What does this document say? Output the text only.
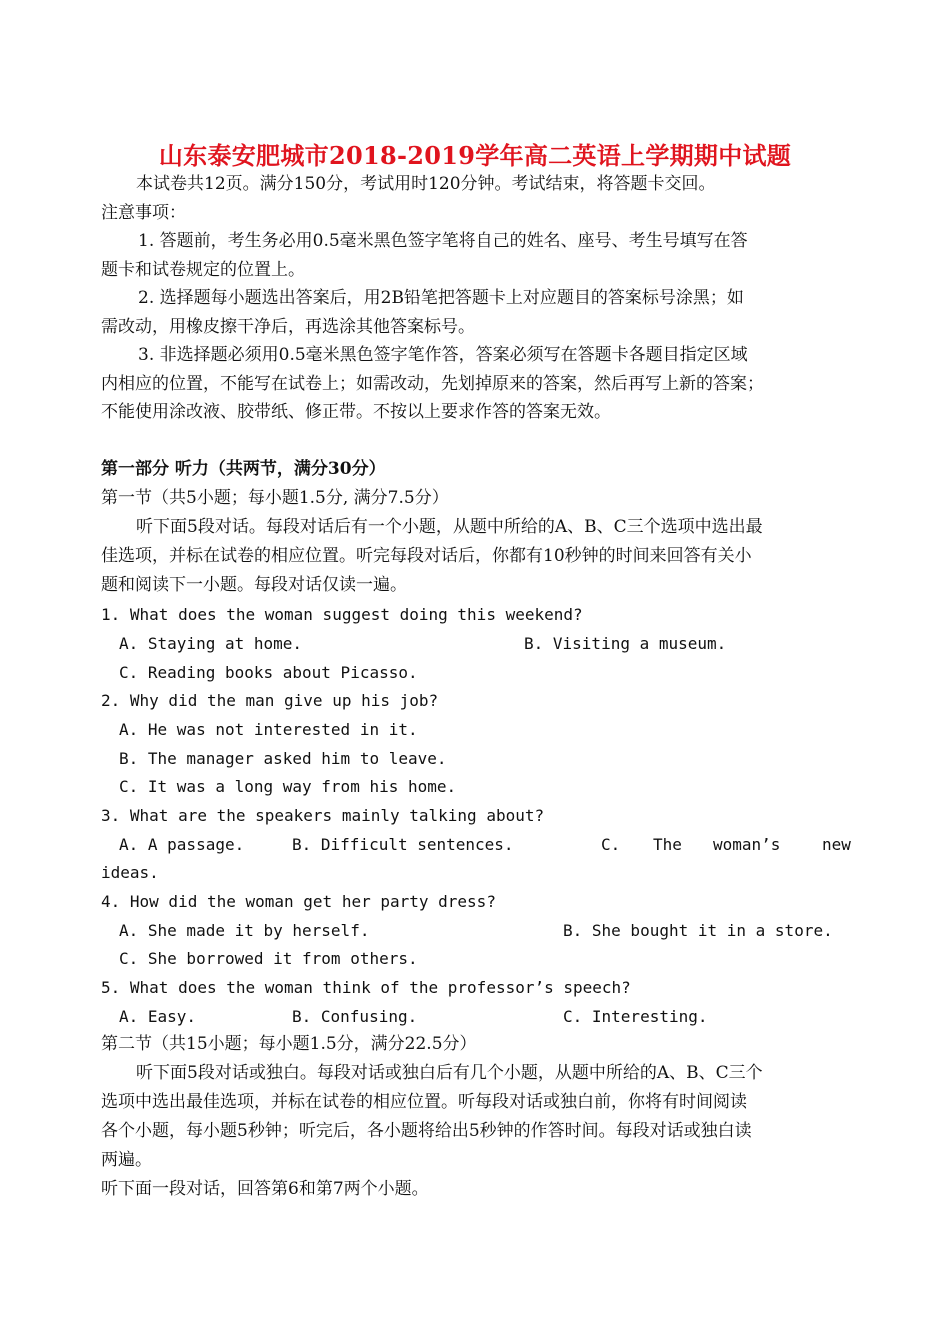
山东泰安肥城市2018-2019学年高二英语上学期期中试题
本试卷共12页。满分150分，考试用时120分钟。考试结束，将答题卡交回。
注意事项：
1. 答题前，考生务必用0.5毫米黑色签字笔将自己的姓名、座号、考生号填写在答
题卡和试卷规定的位置上。
2. 选择题每小题选出答案后，用2B铅笔把答题卡上对应题目的答案标号涂黑；如
需改动，用橡皮擦干净后，再选涂其他答案标号。
3. 非选择题必须用0.5毫米黑色签字笔作答，答案必须写在答题卡各题目指定区域
内相应的位置，不能写在试卷上；如需改动，先划掉原来的答案，然后再写上新的答案；
不能使用涂改液、胶带纸、修正带。不按以上要求作答的答案无效。
第一部分 听力（共两节，满分30分）
第一节（共5小题；每小题1.5分, 满分7.5分）
听下面5段对话。每段对话后有一个小题，从题中所给的A、B、C三个选项中选出最
佳选项，并标在试卷的相应位置。听完每段对话后，你都有10秒钟的时间来回答有关小
题和阅读下一小题。每段对话仅读一遍。
1. What does the woman suggest doing this weekend?
A. Staying at home.	B. Visiting a museum.
C. Reading books about Picasso.
2. Why did the man give up his job?
A. He was not interested in it.
B. The manager asked him to leave.
C. It was a long way from his home.
3. What are the speakers mainly talking about?
A. A passage.	B. Difficult sentences.	C. The woman’s	new
ideas.
4. How did the woman get her party dress?
A. She made it by herself.	B. She bought it in a store.
C. She borrowed it from others.
5. What does the woman think of the professor’s speech?
A. Easy.	B. Confusing.	C. Interesting.
第二节（共15小题；每小题1.5分，满分22.5分）
听下面5段对话或独白。每段对话或独白后有几个小题，从题中所给的A、B、C三个
选项中选出最佳选项，并标在试卷的相应位置。听每段对话或独白前，你将有时间阅读
各个小题，每小题5秒钟；听完后，各小题将给出5秒钟的作答时间。每段对话或独白读
两遍。
听下面一段对话，回答第6和第7两个小题。
